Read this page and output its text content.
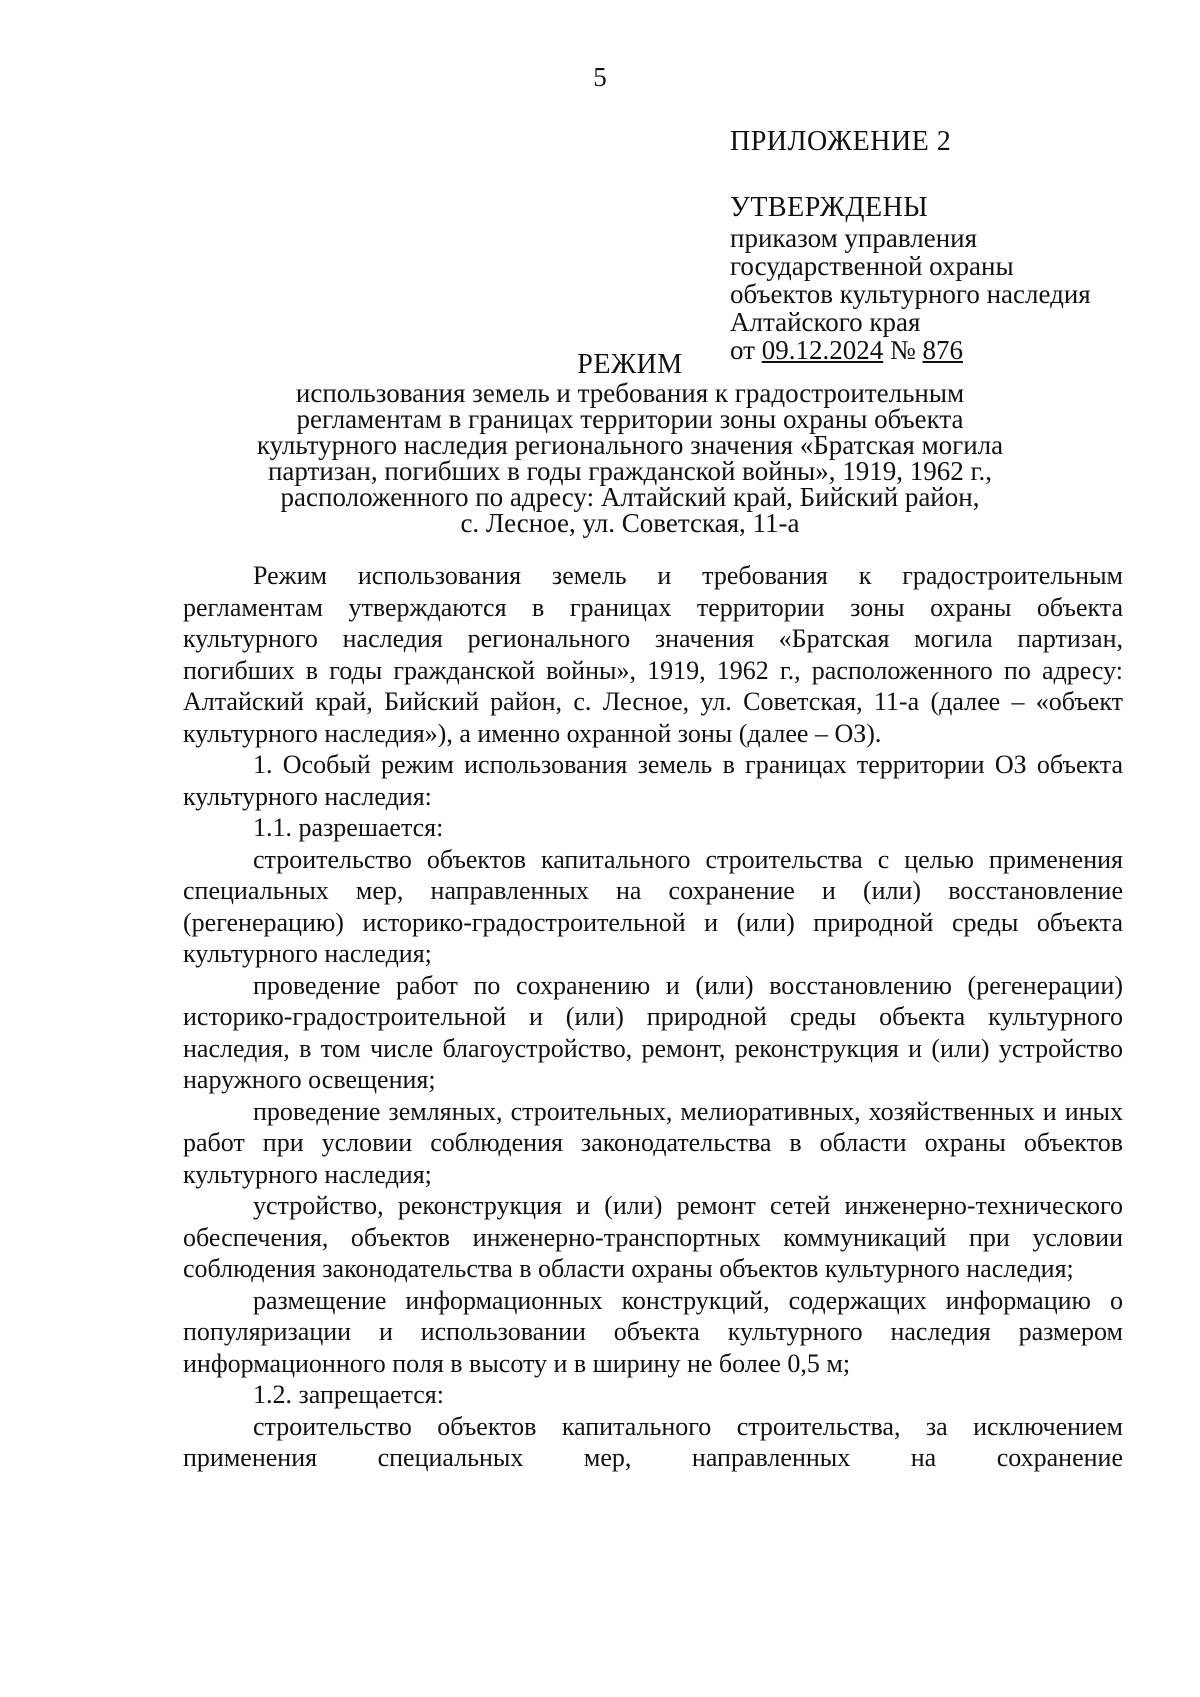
5
ПРИЛОЖЕНИЕ 2
УТВЕРЖДЕНЫ
приказом управления
государственной охраны
объектов культурного наследия
Алтайского края
от 09.12.2024 № 876
РЕЖИМ
использования земель и требования к градостроительным
регламентам в границах территории зоны охраны объекта
культурного наследия регионального значения «Братская могила
партизан, погибших в годы гражданской войны», 1919, 1962 г.,
расположенного по адресу: Алтайский край, Бийский район,
с. Лесное, ул. Советская, 11-а

Режим использования земель и требования к градостроительным регламентам утверждаются в границах территории зоны охраны объекта культурного наследия регионального значения «Братская могила партизан, погибших в годы гражданской войны», 1919, 1962 г., расположенного по адресу: Алтайский край, Бийский район, с. Лесное, ул. Советская, 11-а (далее – «объект культурного наследия»), а именно охранной зоны (далее – ОЗ).

1. Особый режим использования земель в границах территории ОЗ объекта культурного наследия:

1.1. разрешается:

строительство объектов капитального строительства с целью применения специальных мер, направленных на сохранение и (или) восстановление (регенерацию) историко-градостроительной и (или) природной среды объекта культурного наследия;

проведение работ по сохранению и (или) восстановлению (регенерации) историко-градостроительной и (или) природной среды объекта культурного наследия, в том числе благоустройство, ремонт, реконструкция и (или) устройство наружного освещения;

проведение земляных, строительных, мелиоративных, хозяйственных и иных работ при условии соблюдения законодательства в области охраны объектов культурного наследия;

устройство, реконструкция и (или) ремонт сетей инженерно-технического обеспечения, объектов инженерно-транспортных коммуникаций при условии соблюдения законодательства в области охраны объектов культурного наследия;

размещение информационных конструкций, содержащих информацию о популяризации и использовании объекта культурного наследия размером информационного поля в высоту и в ширину не более 0,5 м;

1.2. запрещается:

строительство объектов капитального строительства, за исключением применения специальных мер, направленных на сохранение
